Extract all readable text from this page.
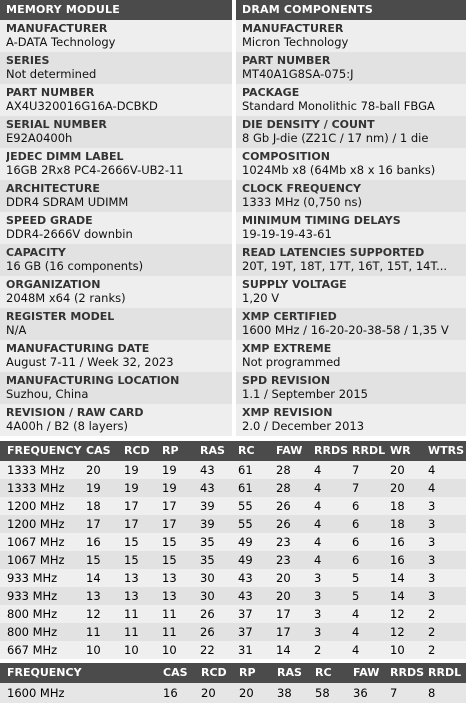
MEMORY MODULE
MANUFACTURER
A-DATA Technology
SERIES
Not determined
PART NUMBER
AX4U320016G16A-DCBKD
SERIAL NUMBER
E92A0400h
JEDEC DIMM LABEL
16GB 2Rx8 PC4-2666V-UB2-11
ARCHITECTURE
DDR4 SDRAM UDIMM
SPEED GRADE
DDR4-2666V downbin
CAPACITY
16 GB (16 components)
ORGANIZATION
2048M x64 (2 ranks)
REGISTER MODEL
N/A
MANUFACTURING DATE
August 7-11 / Week 32, 2023
MANUFACTURING LOCATION
Suzhou, China
REVISION / RAW CARD
4A00h / B2 (8 layers)
DRAM COMPONENTS
MANUFACTURER
Micron Technology
PART NUMBER
MT40A1G8SA-075:J
PACKAGE
Standard Monolithic 78-ball FBGA
DIE DENSITY / COUNT
8 Gb J-die (Z21C / 17 nm) / 1 die
COMPOSITION
1024Mb x8 (64Mb x8 x 16 banks)
CLOCK FREQUENCY
1333 MHz (0,750 ns)
MINIMUM TIMING DELAYS
19-19-19-43-61
READ LATENCIES SUPPORTED
20T, 19T, 18T, 17T, 16T, 15T, 14T...
SUPPLY VOLTAGE
1,20 V
XMP CERTIFIED
1600 MHz / 16-20-20-38-58 / 1,35 V
XMP EXTREME
Not programmed
SPD REVISION
1.1 / September 2015
XMP REVISION
2.0 / December 2013
FREQUENCY CAS RCD RP RAS RC FAW RRDS RRDL WR WTRS
1333 MHz 20 19 19 43 61 28 4	7	20 4
1333 MHz 19 19 19 43 61 28 4	7	20 4
1200 MHz 18 17 17 39 55 26 4	6	18 3
1200 MHz 17 17 17 39 55 26 4	6	18 3
1067 MHz 16 15 15 35 49 23 4	6	16 3
1067 MHz 15 15 15 35 49 23 4	6	16 3
933 MHz	14 13 13 30 43 20 3	5	14 3
933 MHz	13 13 13 30 43 20 3	5	14 3
800 MHz	12 11 11 26 37 17 3	4	12 2
800 MHz	11 11 11 26 37 17 3	4	12 2
667 MHz	10 10 10 22 31 14 2	4	10 2
FREQUENCY	CAS RCD RP RAS RC FAW RRDS RRDL
1600 MHz	16 20 20 38 58 36 7	8
